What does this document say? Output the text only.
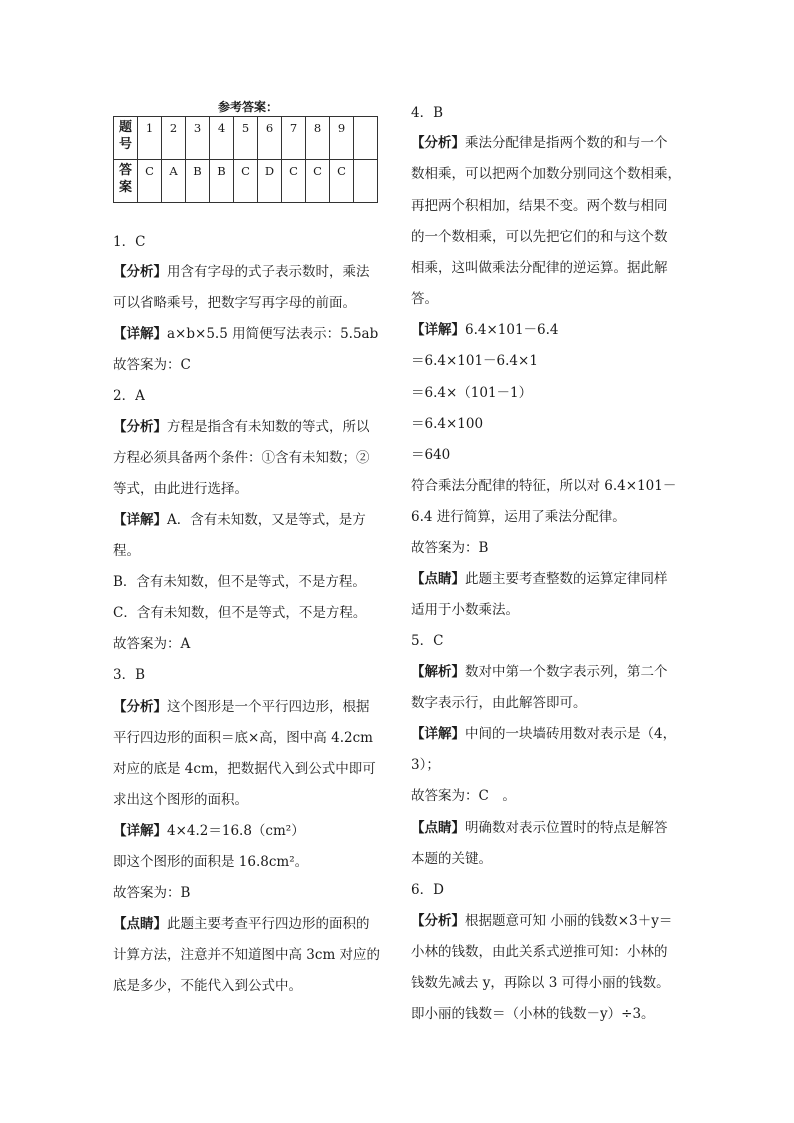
参考答案：
题
号	1	2	3	4	5	6	7	8	9	
答
案	C	A	B	B	C	D	C	C	C	
1．C
【分析】用含有字母的式子表示数时，乘法
可以省略乘号，把数字写再字母的前面。
【详解】a×b×5.5 用简便写法表示：5.5ab
故答案为：C
2．A
【分析】方程是指含有未知数的等式，所以
方程必须具备两个条件：①含有未知数；②
等式，由此进行选择。
【详解】A．含有未知数，又是等式，是方
程。
B．含有未知数，但不是等式，不是方程。
C．含有未知数，但不是等式，不是方程。
故答案为：A
3．B
【分析】这个图形是一个平行四边形，根据
平行四边形的面积＝底×高，图中高 4.2cm
对应的底是 4cm，把数据代入到公式中即可
求出这个图形的面积。
【详解】4×4.2＝16.8（cm²）
即这个图形的面积是 16.8cm²。
故答案为：B
【点睛】此题主要考查平行四边形的面积的
计算方法，注意并不知道图中高 3cm 对应的
底是多少，不能代入到公式中。
4．B
【分析】乘法分配律是指两个数的和与一个
数相乘，可以把两个加数分别同这个数相乘，
再把两个积相加，结果不变。两个数与相同
的一个数相乘，可以先把它们的和与这个数
相乘，这叫做乘法分配律的逆运算。据此解
答。
【详解】6.4×101－6.4
＝6.4×101－6.4×1
＝6.4×（101－1）
＝6.4×100
＝640
符合乘法分配律的特征，所以对 6.4×101－
6.4 进行简算，运用了乘法分配律。
故答案为：B
【点睛】此题主要考查整数的运算定律同样
适用于小数乘法。
5．C
【解析】数对中第一个数字表示列，第二个
数字表示行，由此解答即可。
【详解】中间的一块墙砖用数对表示是（4，
3）；
故答案为：C　。
【点睛】明确数对表示位置时的特点是解答
本题的关键。
6．D
【分析】根据题意可知 小丽的钱数×3＋y＝
小林的钱数，由此关系式逆推可知：小林的
钱数先减去 y，再除以 3 可得小丽的钱数。
即小丽的钱数＝（小林的钱数－y）÷3。
